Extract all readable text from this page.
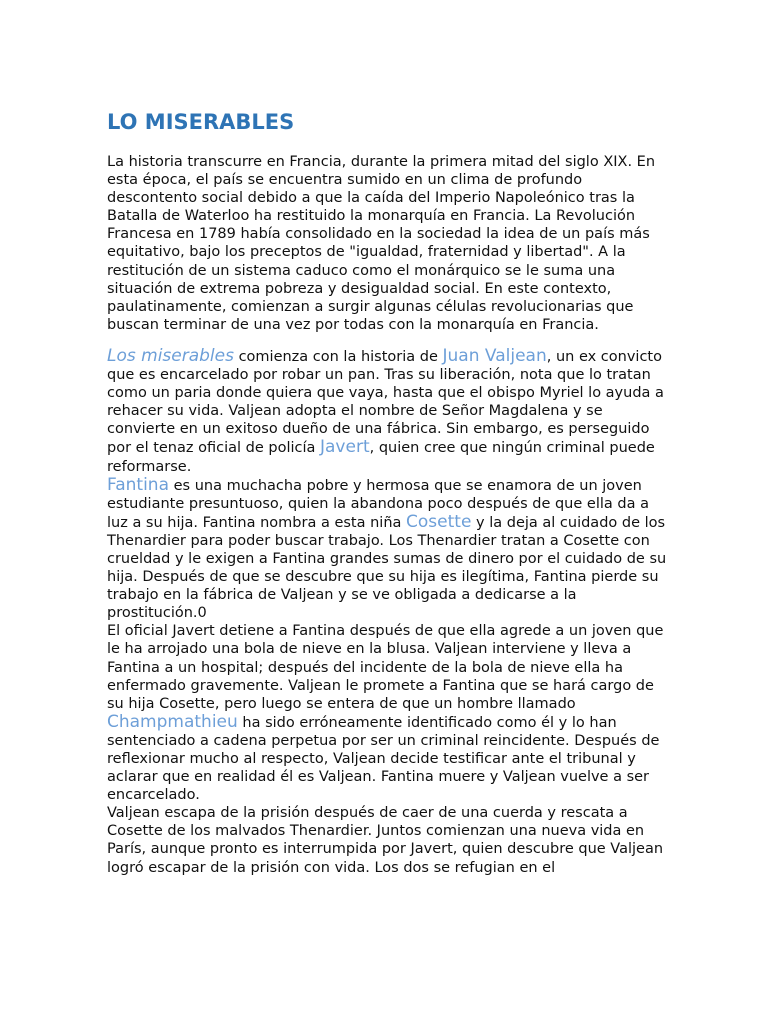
LO MISERABLES

La historia transcurre en Francia, durante la primera mitad del siglo XIX. En esta época, el país se encuentra sumido en un clima de profundo descontento social debido a que la caída del Imperio Napoleónico tras la Batalla de Waterloo ha restituido la monarquía en Francia. La Revolución Francesa en 1789 había consolidado en la sociedad la idea de un país más equitativo, bajo los preceptos de "igualdad, fraternidad y libertad". A la restitución de un sistema caduco como el monárquico se le suma una situación de extrema pobreza y desigualdad social. En este contexto, paulatinamente, comienzan a surgir algunas células revolucionarias que buscan terminar de una vez por todas con la monarquía en Francia.

Los miserables comienza con la historia de Juan Valjean, un ex convicto que es encarcelado por robar un pan. Tras su liberación, nota que lo tratan como un paria donde quiera que vaya, hasta que el obispo Myriel lo ayuda a rehacer su vida. Valjean adopta el nombre de Señor Magdalena y se convierte en un exitoso dueño de una fábrica. Sin embargo, es perseguido por el tenaz oficial de policía Javert, quien cree que ningún criminal puede reformarse.

Fantina es una muchacha pobre y hermosa que se enamora de un joven estudiante presuntuoso, quien la abandona poco después de que ella da a luz a su hija. Fantina nombra a esta niña Cosette y la deja al cuidado de los Thenardier para poder buscar trabajo. Los Thenardier tratan a Cosette con crueldad y le exigen a Fantina grandes sumas de dinero por el cuidado de su hija. Después de que se descubre que su hija es ilegítima, Fantina pierde su trabajo en la fábrica de Valjean y se ve obligada a dedicarse a la prostitución.0

El oficial Javert detiene a Fantina después de que ella agrede a un joven que le ha arrojado una bola de nieve en la blusa. Valjean interviene y lleva a Fantina a un hospital; después del incidente de la bola de nieve ella ha enfermado gravemente. Valjean le promete a Fantina que se hará cargo de su hija Cosette, pero luego se entera de que un hombre llamado Champmathieu ha sido erróneamente identificado como él y lo han sentenciado a cadena perpetua por ser un criminal reincidente. Después de reflexionar mucho al respecto, Valjean decide testificar ante el tribunal y aclarar que en realidad él es Valjean. Fantina muere y Valjean vuelve a ser encarcelado.

Valjean escapa de la prisión después de caer de una cuerda y rescata a Cosette de los malvados Thenardier. Juntos comienzan una nueva vida en París, aunque pronto es interrumpida por Javert, quien descubre que Valjean logró escapar de la prisión con vida. Los dos se refugian en el
